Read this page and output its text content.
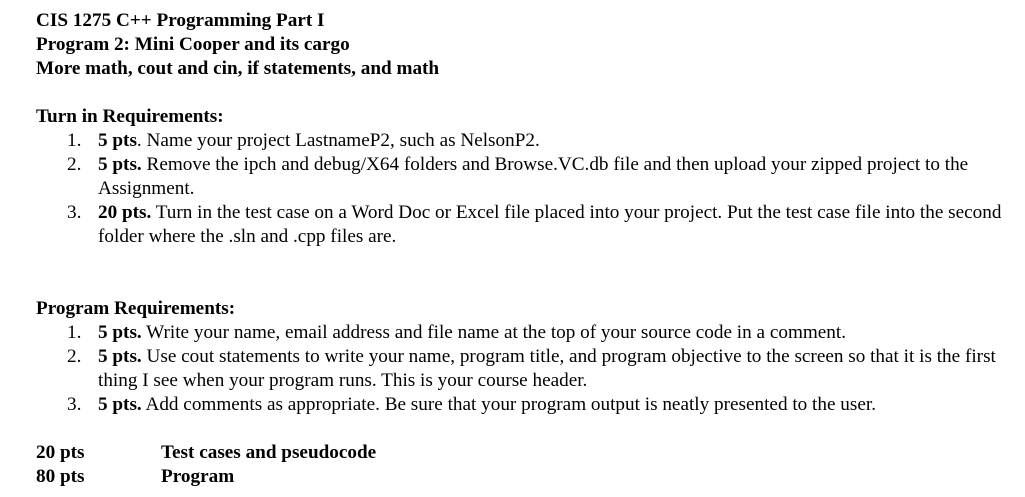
CIS 1275 C++ Programming Part I
Program 2: Mini Cooper and its cargo
More math, cout and cin, if statements, and math
Turn in Requirements:
1. 5 pts. Name your project LastnameP2, such as NelsonP2.
2. 5 pts. Remove the ipch and debug/X64 folders and Browse.VC.db file and then upload your zipped project to the Assignment.
3. 20 pts. Turn in the test case on a Word Doc or Excel file placed into your project. Put the test case file into the second folder where the .sln and .cpp files are.
Program Requirements:
1. 5 pts. Write your name, email address and file name at the top of your source code in a comment.
2. 5 pts. Use cout statements to write your name, program title, and program objective to the screen so that it is the first thing I see when your program runs. This is your course header.
3. 5 pts. Add comments as appropriate. Be sure that your program output is neatly presented to the user.
20 pts	Test cases and pseudocode
80 pts	Program
